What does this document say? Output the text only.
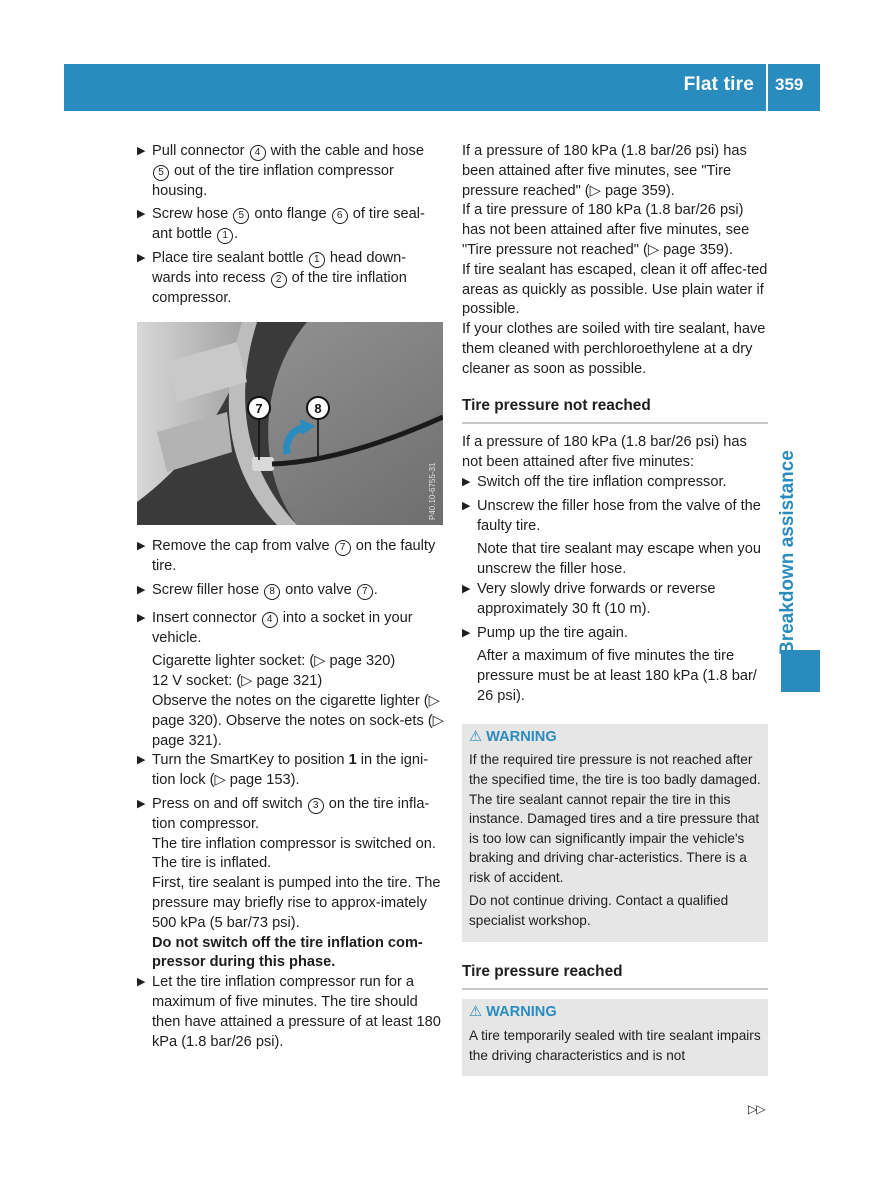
Flat tire 359
Breakdown assistance
▶ Pull connector 4 with the cable and hose 5 out of the tire inflation compressor housing.
▶ Screw hose 5 onto flange 6 of tire seal-ant bottle 1 .
▶ Place tire sealant bottle 1 head down-wards into recess 2 of the tire inflation compressor.
7	8
P40.10-6755-31
▶ Remove the cap from valve 7 on the faulty tire.
▶ Screw filler hose 8 onto valve 7 .
▶ Insert connector 4 into a socket in your vehicle.

Cigarette lighter socket: (▷ page 320)

12 V socket: (▷ page 321)

Observe the notes on the cigarette lighter (▷ page 320). Observe the notes on sock-ets (▷ page 321).

▶ Turn the SmartKey to position 1 in the igni-tion lock (▷ page 153).
▶ Press on and off switch 3 on the tire infla-tion compressor.

The tire inflation compressor is switched on. The tire is inflated.

First, tire sealant is pumped into the tire. The pressure may briefly rise to approx-imately 500 kPa (5 bar/73 psi).

Do not switch off the tire inflation com-pressor during this phase.

▶ Let the tire inflation compressor run for a maximum of five minutes. The tire should then have attained a pressure of at least 180 kPa (1.8 bar/26 psi).

If a pressure of 180 kPa (1.8 bar/26 psi) has been attained after five minutes, see "Tire pressure reached" (▷ page 359).

If a tire pressure of 180 kPa (1.8 bar/26 psi) has not been attained after five minutes, see "Tire pressure not reached" (▷ page 359).

If tire sealant has escaped, clean it off affec-ted areas as quickly as possible. Use plain water if possible.

If your clothes are soiled with tire sealant, have them cleaned with perchloroethylene at a dry cleaner as soon as possible.

Tire pressure not reached

If a pressure of 180 kPa (1.8 bar/26 psi) has not been attained after five minutes:

▶ Switch off the tire inflation compressor.
▶ Unscrew the filler hose from the valve of the faulty tire.

Note that tire sealant may escape when you unscrew the filler hose.

▶ Very slowly drive forwards or reverse approximately 30 ft (10 m).
▶ Pump up the tire again.

After a maximum of five minutes the tire pressure must be at least 180 kPa (1.8 bar/ 26 psi).

⚠ WARNING

If the required tire pressure is not reached after the specified time, the tire is too badly damaged. The tire sealant cannot repair the tire in this instance. Damaged tires and a tire pressure that is too low can significantly impair the vehicle's braking and driving char-acteristics. There is a risk of accident.

Do not continue driving. Contact a qualified specialist workshop.

Tire pressure reached
⚠ WARNING

A tire temporarily sealed with tire sealant impairs the driving characteristics and is not

▷▷
